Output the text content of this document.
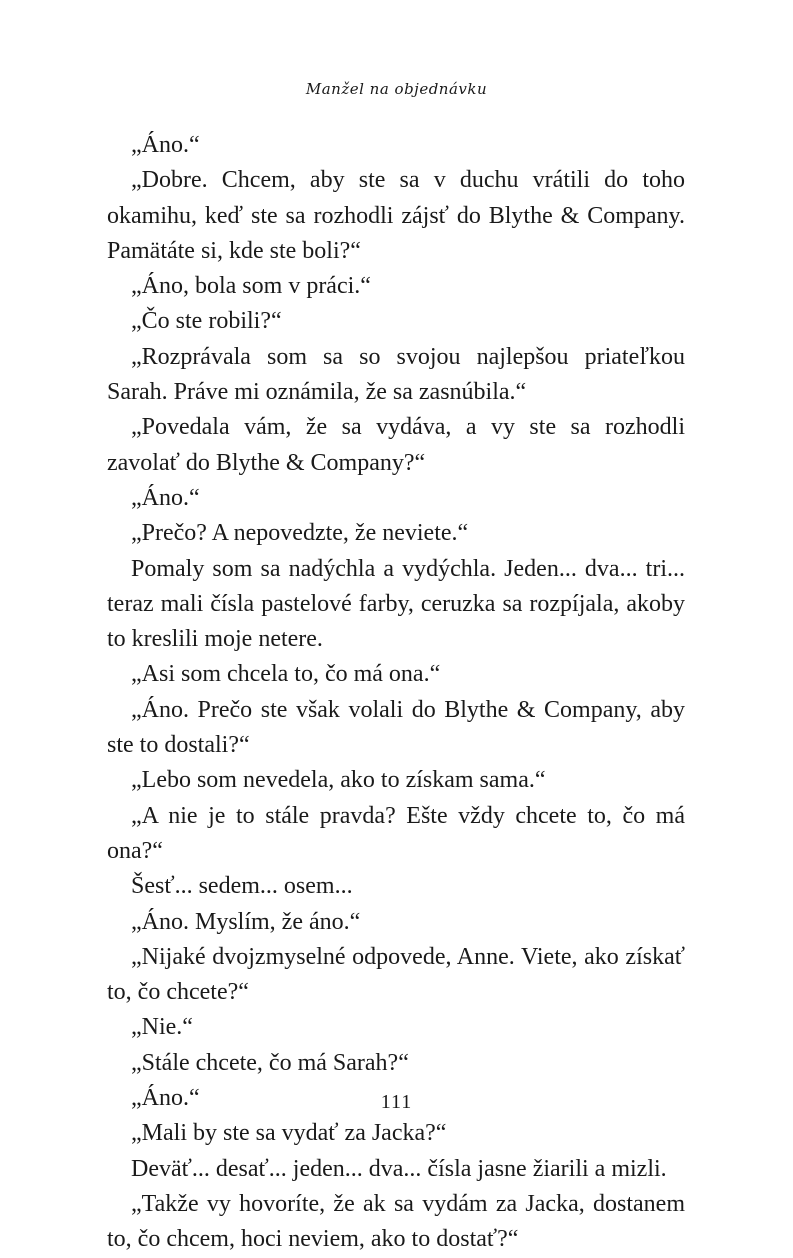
Manžel na objednávku

„Áno.“

„Dobre. Chcem, aby ste sa v duchu vrátili do toho okamihu, keď ste sa rozhodli zájsť do Blythe & Company. Pamätáte si, kde ste boli?“

„Áno, bola som v práci.“

„Čo ste robili?“

„Rozprávala som sa so svojou najlepšou priateľkou Sarah. Práve mi oznámila, že sa zasnúbila.“

„Povedala vám, že sa vydáva, a vy ste sa rozhodli zavolať do Blythe & Company?“

„Áno.“

„Prečo? A nepovedzte, že neviete.“

Pomaly som sa nadýchla a vydýchla. Jeden... dva... tri... teraz mali čísla pastelové farby, ceruzka sa rozpíjala, akoby to kreslili moje netere.

„Asi som chcela to, čo má ona.“

„Áno. Prečo ste však volali do Blythe & Company, aby ste to dostali?“

„Lebo som nevedela, ako to získam sama.“

„A nie je to stále pravda? Ešte vždy chcete to, čo má ona?“

Šesť... sedem... osem...

„Áno. Myslím, že áno.“

„Nijaké dvojzmyselné odpovede, Anne. Viete, ako získať to, čo chcete?“

„Nie.“

„Stále chcete, čo má Sarah?“

„Áno.“

„Mali by ste sa vydať za Jacka?“

Deväť... desať... jeden... dva... čísla jasne žiarili a mizli.

„Takže vy hovoríte, že ak sa vydám za Jacka, dostanem to, čo chcem, hoci neviem, ako to dostať?“

111
